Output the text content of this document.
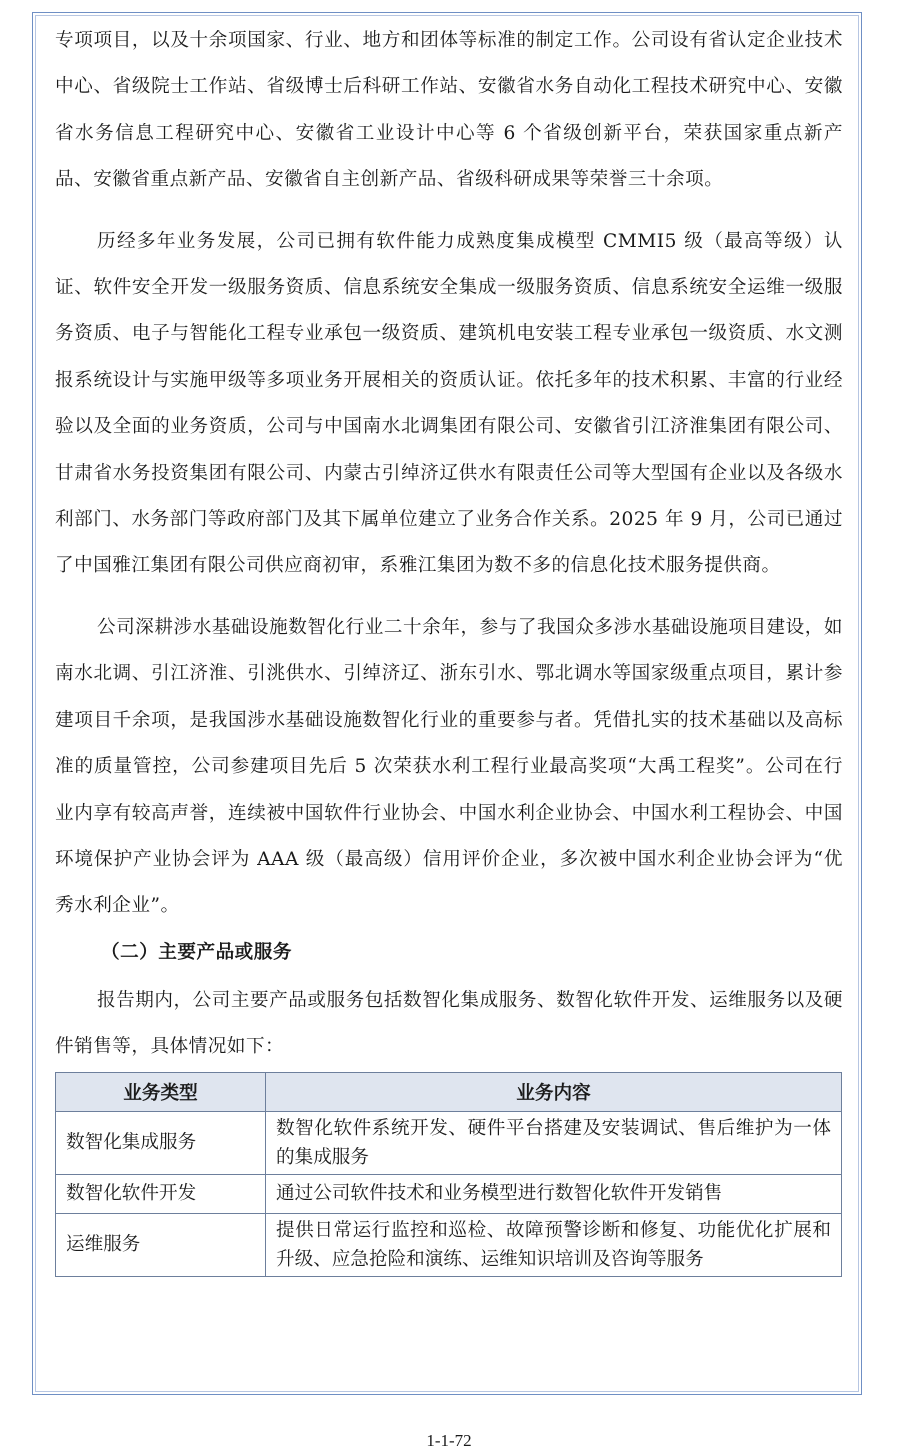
专项项目，以及十余项国家、行业、地方和团体等标准的制定工作。公司设有省认定企业技术中心、省级院士工作站、省级博士后科研工作站、安徽省水务自动化工程技术研究中心、安徽省水务信息工程研究中心、安徽省工业设计中心等 6 个省级创新平台，荣获国家重点新产品、安徽省重点新产品、安徽省自主创新产品、省级科研成果等荣誉三十余项。

历经多年业务发展，公司已拥有软件能力成熟度集成模型 CMMI5 级（最高等级）认证、软件安全开发一级服务资质、信息系统安全集成一级服务资质、信息系统安全运维一级服务资质、电子与智能化工程专业承包一级资质、建筑机电安装工程专业承包一级资质、水文测报系统设计与实施甲级等多项业务开展相关的资质认证。依托多年的技术积累、丰富的行业经验以及全面的业务资质，公司与中国南水北调集团有限公司、安徽省引江济淮集团有限公司、甘肃省水务投资集团有限公司、内蒙古引绰济辽供水有限责任公司等大型国有企业以及各级水利部门、水务部门等政府部门及其下属单位建立了业务合作关系。2025 年 9 月，公司已通过了中国雅江集团有限公司供应商初审，系雅江集团为数不多的信息化技术服务提供商。

公司深耕涉水基础设施数智化行业二十余年，参与了我国众多涉水基础设施项目建设，如南水北调、引江济淮、引洮供水、引绰济辽、浙东引水、鄂北调水等国家级重点项目，累计参建项目千余项，是我国涉水基础设施数智化行业的重要参与者。凭借扎实的技术基础以及高标准的质量管控，公司参建项目先后 5 次荣获水利工程行业最高奖项“大禹工程奖”。公司在行业内享有较高声誉，连续被中国软件行业协会、中国水利企业协会、中国水利工程协会、中国环境保护产业协会评为 AAA 级（最高级）信用评价企业，多次被中国水利企业协会评为“优秀水利企业”。

（二）主要产品或服务

报告期内，公司主要产品或服务包括数智化集成服务、数智化软件开发、运维服务以及硬件销售等，具体情况如下：

业务类型	业务内容
数智化集成服务	数智化软件系统开发、硬件平台搭建及安装调试、售后维护为一体的集成服务
数智化软件开发	通过公司软件技术和业务模型进行数智化软件开发销售
运维服务	提供日常运行监控和巡检、故障预警诊断和修复、功能优化扩展和升级、应急抢险和演练、运维知识培训及咨询等服务
1-1-72
